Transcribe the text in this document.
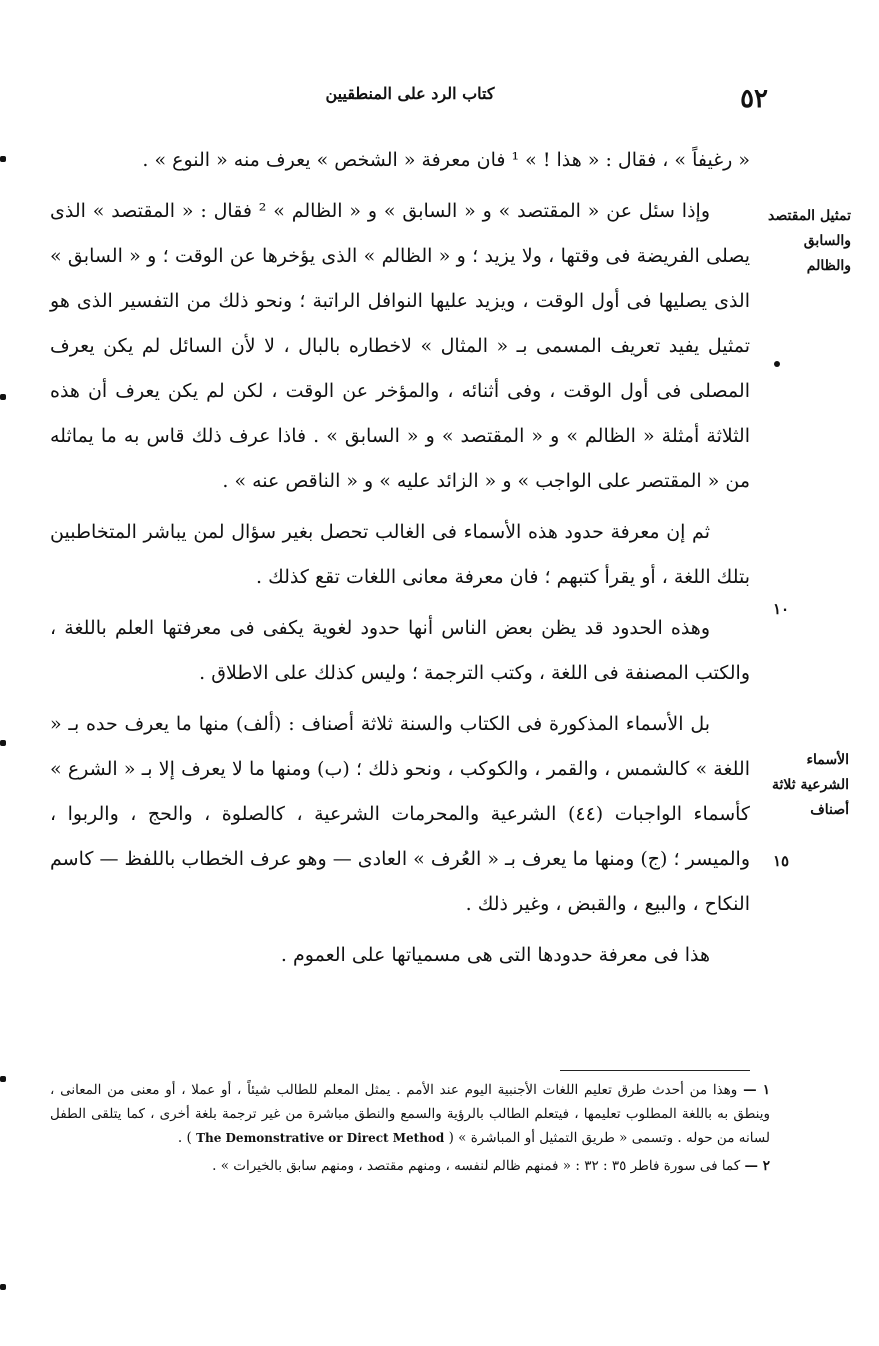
٥٢
كتاب الرد على المنطقيين
تمثيل المقتصد والسابق والظالم
الأسماء الشرعية ثلاثة أصناف
١٠
١٥

« رغيفاً » ، فقال : « هذا ! » ¹ فان معرفة « الشخص » يعرف منه « النوع » .

وإذا سئل عن « المقتصد » و « السابق » و « الظالم » ² فقال : « المقتصد » الذى يصلى الفريضة فى وقتها ، ولا يزيد ؛ و « الظالم » الذى يؤخرها عن الوقت ؛ و « السابق » الذى يصليها فى أول الوقت ، ويزيد عليها النوافل الراتبة ؛ ونحو ذلك من التفسير الذى هو تمثيل يفيد تعريف المسمى بـ « المثال » لاخطاره بالبال ، لا لأن السائل لم يكن يعرف المصلى فى أول الوقت ، وفى أثنائه ، والمؤخر عن الوقت ، لكن لم يكن يعرف أن هذه الثلاثة أمثلة « الظالم » و « المقتصد » و « السابق » . فاذا عرف ذلك قاس به ما يماثله من « المقتصر على الواجب » و « الزائد عليه » و « الناقص عنه » .

ثم إن معرفة حدود هذه الأسماء فى الغالب تحصل بغير سؤال لمن يباشر المتخاطبين بتلك اللغة ، أو يقرأ كتبهم ؛ فان معرفة معانى اللغات تقع كذلك .

وهذه الحدود قد يظن بعض الناس أنها حدود لغوية يكفى فى معرفتها العلم باللغة ، والكتب المصنفة فى اللغة ، وكتب الترجمة ؛ وليس كذلك على الاطلاق .

بل الأسماء المذكورة فى الكتاب والسنة ثلاثة أصناف : (ألف) منها ما يعرف حده بـ « اللغة » كالشمس ، والقمر ، والكوكب ، ونحو ذلك ؛ (ب) ومنها ما لا يعرف إلا بـ « الشرع » كأسماء الواجبات (٤٤) الشرعية والمحرمات الشرعية ، كالصلوة ، والحج ، والربوا ، والميسر ؛ (ج) ومنها ما يعرف بـ « العُرف » العادى — وهو عرف الخطاب باللفظ — كاسم النكاح ، والبيع ، والقبض ، وغير ذلك .

هذا فى معرفة حدودها التى هى مسمياتها على العموم .

١ — وهذا من أحدث طرق تعليم اللغات الأجنبية اليوم عند الأمم . يمثل المعلم للطالب شيئاً ، أو عملا ، أو معنى من المعانى ، وينطق به باللغة المطلوب تعليمها ، فيتعلم الطالب بالرؤية والسمع والنطق مباشرة من غير ترجمة بلغة أخرى ، كما يتلقى الطفل لسانه من حوله . وتسمى « طريق التمثيل أو المباشرة » ( The Demonstrative or Direct Method ) .

٢ — كما فى سورة فاطر ٣٥ : ٣٢ : « فمنهم ظالم لنفسه ، ومنهم مقتصد ، ومنهم سابق بالخيرات » .
